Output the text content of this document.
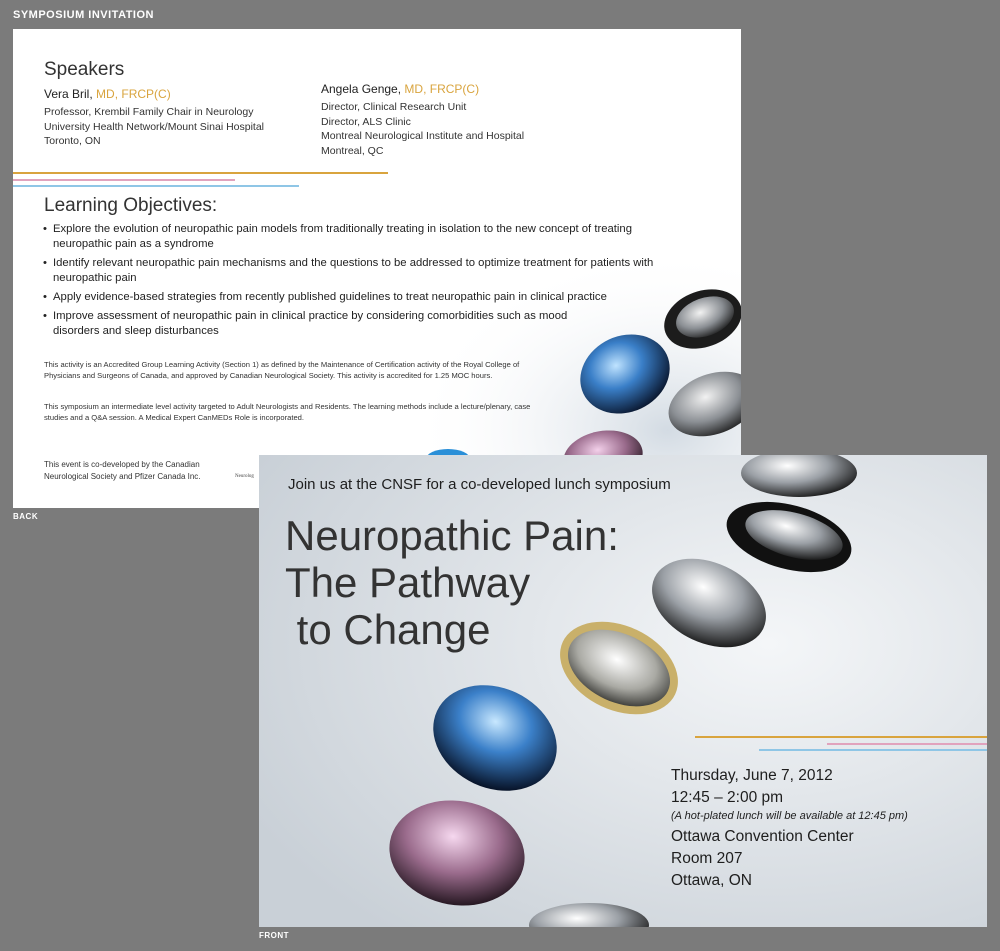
SYMPOSIUM INVITATION
Speakers
Vera Bril, MD, FRCP(C)
Professor, Krembil Family Chair in Neurology
University Health Network/Mount Sinai Hospital
Toronto, ON
Angela Genge, MD, FRCP(C)
Director, Clinical Research Unit
Director, ALS Clinic
Montreal Neurological Institute and Hospital
Montreal, QC
Learning Objectives:
• Explore the evolution of neuropathic pain models from traditionally treating in isolation to the new concept of treating neuropathic pain as a syndrome
• Identify relevant neuropathic pain mechanisms and the questions to be addressed to optimize treatment for patients with neuropathic pain
• Apply evidence-based strategies from recently published guidelines to treat neuropathic pain in clinical practice
• Improve assessment of neuropathic pain in clinical practice by considering comorbidities such as mood disorders and sleep disturbances
This activity is an Accredited Group Learning Activity (Section 1) as defined by the Maintenance of Certification activity of the Royal College of Physicians and Surgeons of Canada, and approved by Canadian Neurological Society. This activity is accredited for 1.25 MOC hours.
This symposium an intermediate level activity targeted to Adult Neurologists and Residents. The learning methods include a lecture/plenary, case studies and a Q&A session. A Medical Expert CanMEDs Role is incorporated.
This event is co-developed by the Canadian Neurological Society and Pfizer Canada Inc.	Neurolog
BACK
Join us at the CNSF for a co-developed lunch symposium
Neuropathic Pain:
The Pathway
to Change
Thursday, June 7, 2012
12:45 – 2:00 pm
(A hot-plated lunch will be available at 12:45 pm)
Ottawa Convention Center
Room 207
Ottawa, ON
FRONT
